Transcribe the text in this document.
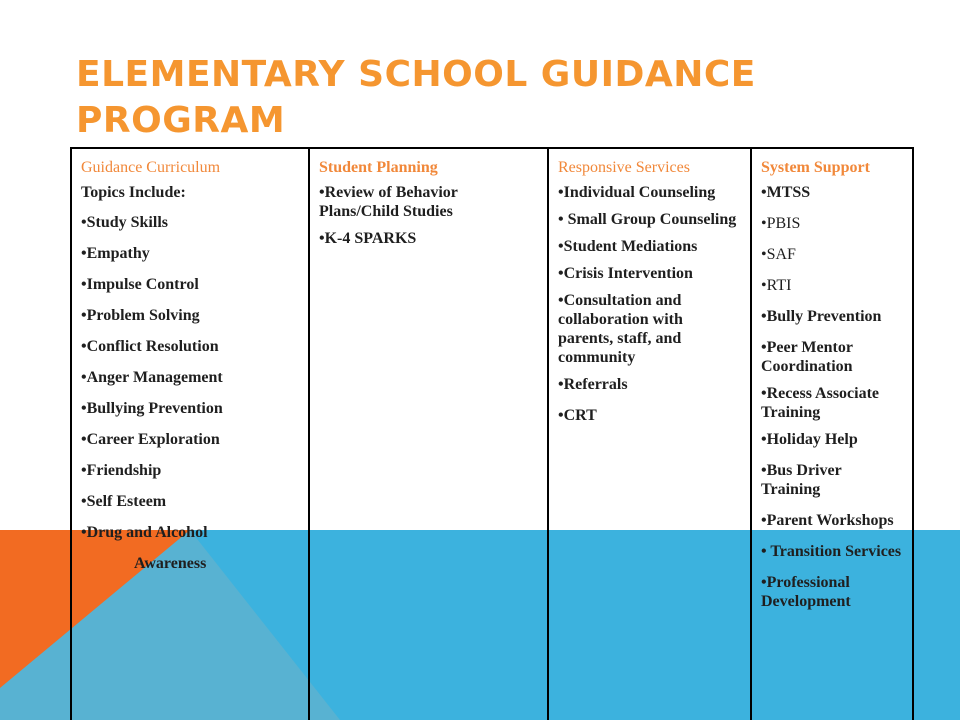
ELEMENTARY SCHOOL GUIDANCE PROGRAM
Guidance Curriculum
Topics Include:
•Study Skills
•Empathy
•Impulse Control
•Problem Solving
•Conflict Resolution
•Anger Management
•Bullying Prevention
•Career Exploration
•Friendship
•Self Esteem
•Drug and Alcohol
Awareness

Student Planning
•Review of Behavior Plans/Child Studies
•K-4 SPARKS

Responsive Services
•Individual Counseling
• Small Group Counseling
•Student Mediations
•Crisis Intervention
•Consultation and collaboration with parents, staff, and community
•Referrals
•CRT

System Support
•MTSS
•PBIS
•SAF
•RTI
•Bully Prevention
•Peer Mentor Coordination
•Recess Associate Training
•Holiday Help
•Bus Driver Training
•Parent Workshops
• Transition Services
•Professional Development
